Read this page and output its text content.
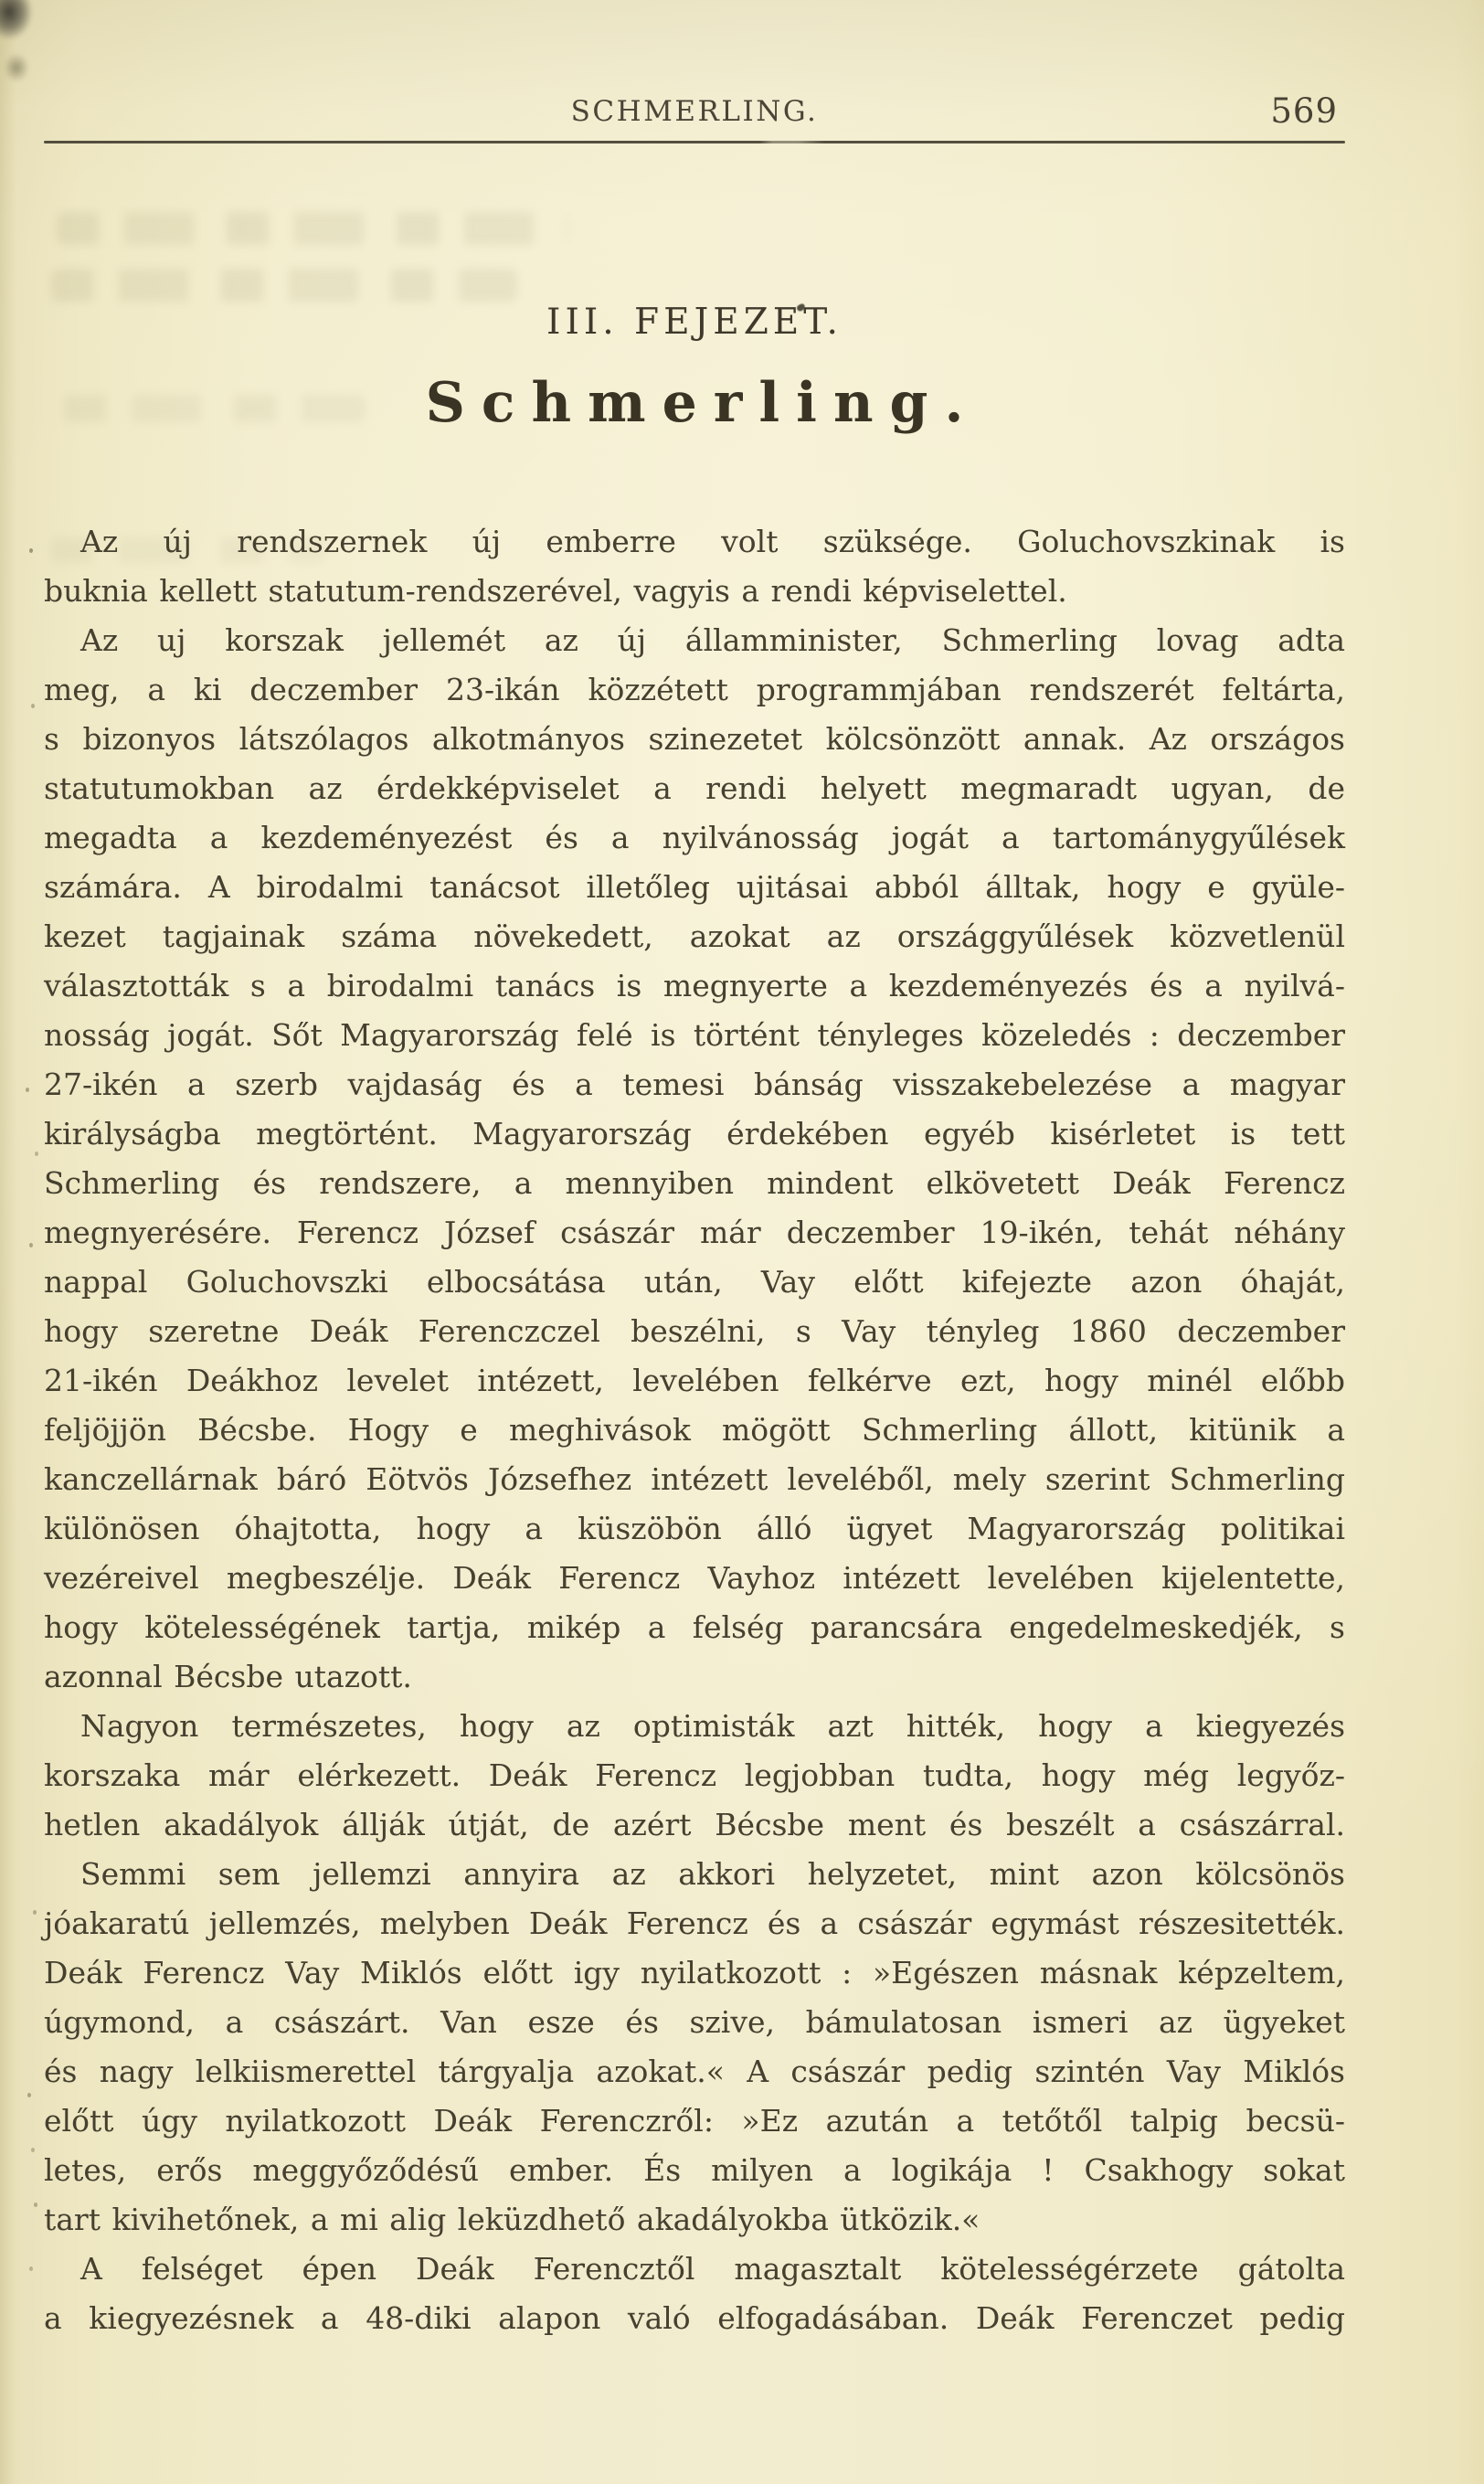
SCHMERLING.	569
III. FEJEZET.
Schmerling.
Az új rendszernek új emberre volt szüksége. Goluchovszkinak is
buknia kellett statutum-rendszerével, vagyis a rendi képviselettel.
Az uj korszak jellemét az új államminister, Schmerling lovag adta
meg, a ki deczember 23-ikán közzétett programmjában rendszerét feltárta,
s bizonyos látszólagos alkotmányos szinezetet kölcsönzött annak. Az országos
statutumokban az érdekképviselet a rendi helyett megmaradt ugyan, de
megadta a kezdeményezést és a nyilvánosság jogát a tartománygyűlések
számára. A birodalmi tanácsot illetőleg ujitásai abból álltak, hogy e gyüle-
kezet tagjainak száma növekedett, azokat az országgyűlések közvetlenül
választották s a birodalmi tanács is megnyerte a kezdeményezés és a nyilvá-
nosság jogát. Sőt Magyarország felé is történt tényleges közeledés : deczember
27-ikén a szerb vajdaság és a temesi bánság visszakebelezése a magyar
királyságba megtörtént. Magyarország érdekében egyéb kisérletet is tett
Schmerling és rendszere, a mennyiben mindent elkövetett Deák Ferencz
megnyerésére. Ferencz József császár már deczember 19-ikén, tehát néhány
nappal Goluchovszki elbocsátása után, Vay előtt kifejezte azon óhaját,
hogy szeretne Deák Ferenczczel beszélni, s Vay tényleg 1860 deczember
21-ikén Deákhoz levelet intézett, levelében felkérve ezt, hogy minél előbb
feljöjjön Bécsbe. Hogy e meghivások mögött Schmerling állott, kitünik a
kanczellárnak báró Eötvös Józsefhez intézett leveléből, mely szerint Schmerling
különösen óhajtotta, hogy a küszöbön álló ügyet Magyarország politikai
vezéreivel megbeszélje. Deák Ferencz Vayhoz intézett levelében kijelentette,
hogy kötelességének tartja, mikép a felség parancsára engedelmeskedjék, s
azonnal Bécsbe utazott.
Nagyon természetes, hogy az optimisták azt hitték, hogy a kiegyezés
korszaka már elérkezett. Deák Ferencz legjobban tudta, hogy még legyőz-
hetlen akadályok állják útját, de azért Bécsbe ment és beszélt a császárral.
Semmi sem jellemzi annyira az akkori helyzetet, mint azon kölcsönös
jóakaratú jellemzés, melyben Deák Ferencz és a császár egymást részesitették.
Deák Ferencz Vay Miklós előtt igy nyilatkozott : »Egészen másnak képzeltem,
úgymond, a császárt. Van esze és szive, bámulatosan ismeri az ügyeket
és nagy lelkiismerettel tárgyalja azokat.« A császár pedig szintén Vay Miklós
előtt úgy nyilatkozott Deák Ferenczről: »Ez azután a tetőtől talpig becsü-
letes, erős meggyőződésű ember. És milyen a logikája ! Csakhogy sokat
tart kivihetőnek, a mi alig leküzdhető akadályokba ütközik.«
A felséget épen Deák Ferencztől magasztalt kötelességérzete gátolta
a kiegyezésnek a 48-diki alapon való elfogadásában. Deák Ferenczet pedig
